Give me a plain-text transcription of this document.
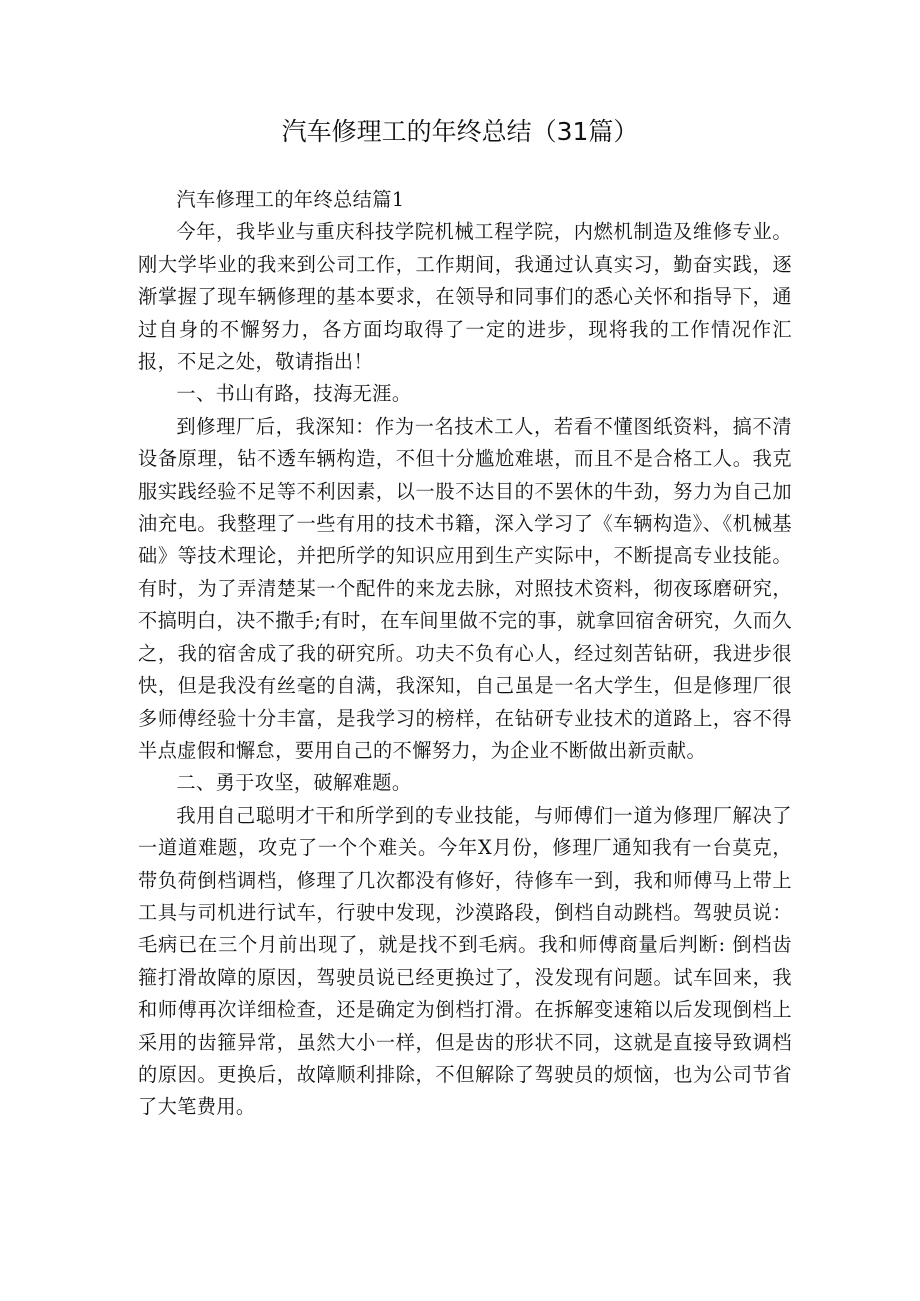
汽车修理工的年终总结（31篇）

汽车修理工的年终总结篇1

今年，我毕业与重庆科技学院机械工程学院，内燃机制造及维修专业。刚大学毕业的我来到公司工作，工作期间，我通过认真实习，勤奋实践，逐渐掌握了现车辆修理的基本要求，在领导和同事们的悉心关怀和指导下，通过自身的不懈努力，各方面均取得了一定的进步，现将我的工作情况作汇报，不足之处，敬请指出！

一、书山有路，技海无涯。

到修理厂后，我深知：作为一名技术工人，若看不懂图纸资料，搞不清设备原理，钻不透车辆构造，不但十分尴尬难堪，而且不是合格工人。我克服实践经验不足等不利因素，以一股不达目的不罢休的牛劲，努力为自己加油充电。我整理了一些有用的技术书籍，深入学习了《车辆构造》、《机械基础》等技术理论，并把所学的知识应用到生产实际中，不断提高专业技能。有时，为了弄清楚某一个配件的来龙去脉，对照技术资料，彻夜琢磨研究，不搞明白，决不撒手;有时，在车间里做不完的事，就拿回宿舍研究，久而久之，我的宿舍成了我的研究所。功夫不负有心人，经过刻苦钻研，我进步很快，但是我没有丝毫的自满，我深知，自己虽是一名大学生，但是修理厂很多师傅经验十分丰富，是我学习的榜样，在钻研专业技术的道路上，容不得半点虚假和懈怠，要用自己的不懈努力，为企业不断做出新贡献。

二、勇于攻坚，破解难题。

我用自己聪明才干和所学到的专业技能，与师傅们一道为修理厂解决了一道道难题，攻克了一个个难关。今年X月份，修理厂通知我有一台莫克，带负荷倒档调档，修理了几次都没有修好，待修车一到，我和师傅马上带上工具与司机进行试车，行驶中发现，沙漠路段，倒档自动跳档。驾驶员说：毛病已在三个月前出现了，就是找不到毛病。我和师傅商量后判断: 倒档齿箍打滑故障的原因，驾驶员说已经更换过了，没发现有问题。试车回来，我和师傅再次详细检查，还是确定为倒档打滑。在拆解变速箱以后发现倒档上采用的齿箍异常，虽然大小一样，但是齿的形状不同，这就是直接导致调档的原因。更换后，故障顺利排除，不但解除了驾驶员的烦恼，也为公司节省了大笔费用。
